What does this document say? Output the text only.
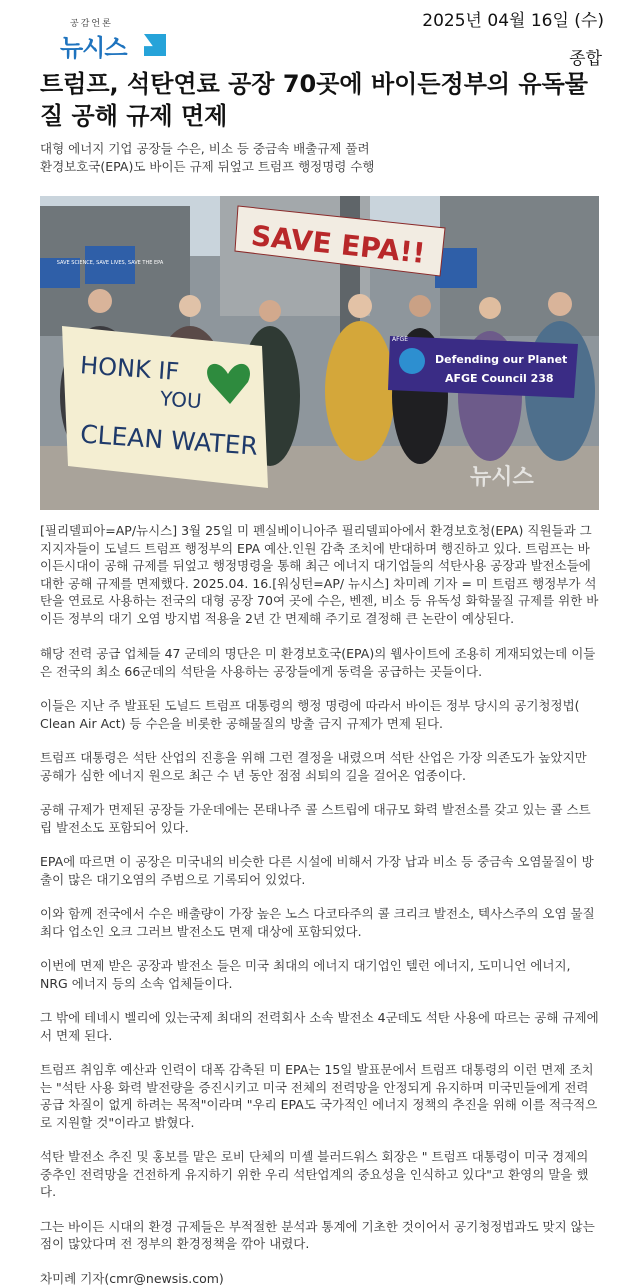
공감언론
뉴시스
2025년 04월 16일 (수)
종합
트럼프, 석탄연료 공장 70곳에 바이든정부의 유독물질 공해 규제 면제
대형 에너지 기업 공장들 수은, 비소 등 중금속 배출규제 풀려
환경보호국(EPA)도 바이든 규제 뒤엎고 트럼프 행정명령 수행
SAVE SCIENCE, SAVE LIVES, SAVE THE EPA	SAVE EPA!!
HONK IF
YOU
CLEAN WATER
AFGE
Defending our Planet
AFGE Council 238
뉴시스

[필리델피아=AP/뉴시스] 3월 25일 미 펜실베이니아주 필리델피아에서 환경보호청(EPA) 직원들과 그 지지자들이 도널드 트럼프 행정부의 EPA 예산.인원 감축 조치에 반대하며 행진하고 있다. 트럼프는 바이든시대이 공해 규제를 뒤엎고 행정명령을 통해 최근 에너지 대기업들의 석탄사용 공장과 발전소들에 대한 공해 규제를 면제했다. 2025.04. 16.[워싱턴=AP/ 뉴시스] 차미례 기자 = 미 트럼프 행정부가 석탄을 연료로 사용하는 전국의 대형 공장 70여 곳에 수은, 벤젠, 비소 등 유독성 화학물질 규제를 위한 바이든 정부의 대기 오염 방지법 적용을 2년 간 면제해 주기로 결정해 큰 논란이 예상된다.

해당 전력 공급 업체들 47 군데의 명단은 미 환경보호국(EPA)의 웹사이트에 조용히 게재되었는데 이들은 전국의 최소 66군데의 석탄을 사용하는 공장들에게 동력을 공급하는 곳들이다.

이들은 지난 주 발표된 도널드 트럼프 대통령의 행정 명령에 따라서 바이든 정부 당시의 공기청정법( Clean Air Act) 등 수은을 비롯한 공해물질의 방출 금지 규제가 면제 된다.

트럼프 대통령은 석탄 산업의 진흥을 위해 그런 결정을 내렸으며 석탄 산업은 가장 의존도가 높았지만 공해가 심한 에너지 원으로 최근 수 년 동안 점점 쇠퇴의 길을 걸어온 업종이다.

공해 규제가 면제된 공장들 가운데에는 몬태나주 콜 스트립에 대규모 화력 발전소를 갖고 있는 콜 스트립 발전소도 포함되어 있다.

EPA에 따르면 이 공장은 미국내의 비슷한 다른 시설에 비해서 가장 납과 비소 등 중금속 오염물질이 방출이 많은 대기오염의 주범으로 기록되어 있었다.

이와 함께 전국에서 수은 배출량이 가장 높은 노스 다코타주의 콜 크리크 발전소, 텍사스주의 오염 물질 최다 업소인 오크 그러브 발전소도 면제 대상에 포함되었다.

이번에 면제 받은 공장과 발전소 들은 미국 최대의 에너지 대기업인 텔런 에너지, 도미니언 에너지, NRG 에너지 등의 소속 업체들이다.

그 밖에 테네시 벨리에 있는국제 최대의 전력회사 소속 발전소 4군데도 석탄 사용에 따르는 공해 규제에서 면제 된다.

트럼프 취임후 예산과 인력이 대폭 감축된 미 EPA는 15일 발표문에서 트럼프 대통령의 이런 면제 조치는 "석탄 사용 화력 발전량을 증진시키고 미국 전체의 전력망을 안정되게 유지하며 미국민들에게 전력 공급 차질이 없게 하려는 목적"이라며 "우리 EPA도 국가적인 에너지 정책의 추진을 위해 이를 적극적으로 지원할 것"이라고 밝혔다.

석탄 발전소 추진 및 홍보를 맡은 로비 단체의 미셸 블러드워스 회장은 " 트럼프 대통령이 미국 경제의 중추인 전력망을 건전하게 유지하기 위한 우리 석탄업계의 중요성을 인식하고 있다"고 환영의 말을 했다.

그는 바이든 시대의 환경 규제들은 부적절한 분석과 통계에 기초한 것이어서 공기청정법과도 맞지 않는 점이 많았다며 전 정부의 환경정책을 깎아 내렸다.

차미례 기자(cmr@newsis.com)
